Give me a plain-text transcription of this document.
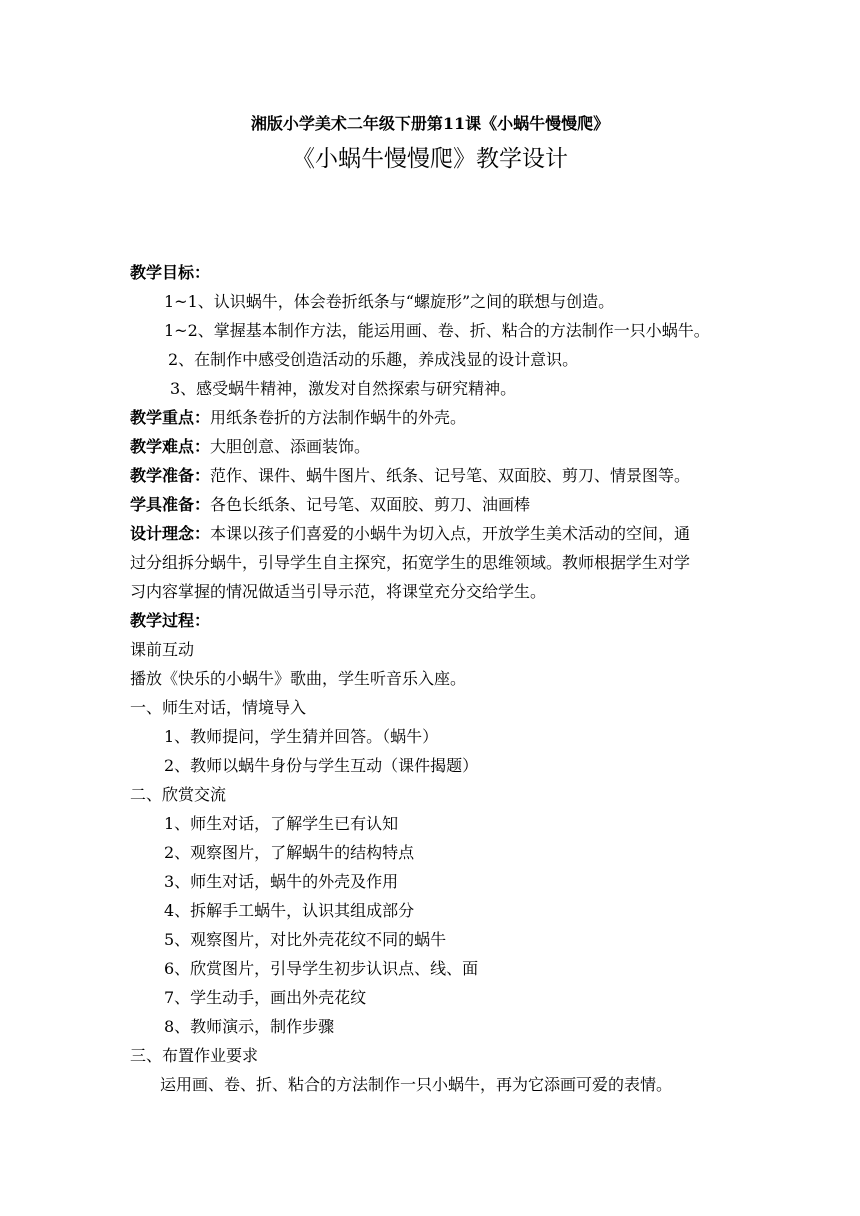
湘版小学美术二年级下册第11课《小蜗牛慢慢爬》
《小蜗牛慢慢爬》教学设计
教学目标：
1~1、认识蜗牛，体会卷折纸条与“螺旋形”之间的联想与创造。
1~2、掌握基本制作方法，能运用画、卷、折、粘合的方法制作一只小蜗牛。
2、在制作中感受创造活动的乐趣，养成浅显的设计意识。
3、感受蜗牛精神，激发对自然探索与研究精神。
教学重点：用纸条卷折的方法制作蜗牛的外壳。
教学难点：大胆创意、添画装饰。
教学准备：范作、课件、蜗牛图片、纸条、记号笔、双面胶、剪刀、情景图等。
学具准备：各色长纸条、记号笔、双面胶、剪刀、油画棒
设计理念：本课以孩子们喜爱的小蜗牛为切入点，开放学生美术活动的空间，通
过分组拆分蜗牛，引导学生自主探究，拓宽学生的思维领域。教师根据学生对学
习内容掌握的情况做适当引导示范，将课堂充分交给学生。
教学过程：
课前互动
播放《快乐的小蜗牛》歌曲，学生听音乐入座。
一、师生对话，情境导入
1、教师提问，学生猜并回答。（蜗牛）
2、教师以蜗牛身份与学生互动（课件揭题）
二、欣赏交流
1、师生对话，了解学生已有认知
2、观察图片，了解蜗牛的结构特点
3、师生对话，蜗牛的外壳及作用
4、拆解手工蜗牛，认识其组成部分
5、观察图片，对比外壳花纹不同的蜗牛
6、欣赏图片，引导学生初步认识点、线、面
7、学生动手，画出外壳花纹
8、教师演示，制作步骤
三、布置作业要求
运用画、卷、折、粘合的方法制作一只小蜗牛，再为它添画可爱的表情。
